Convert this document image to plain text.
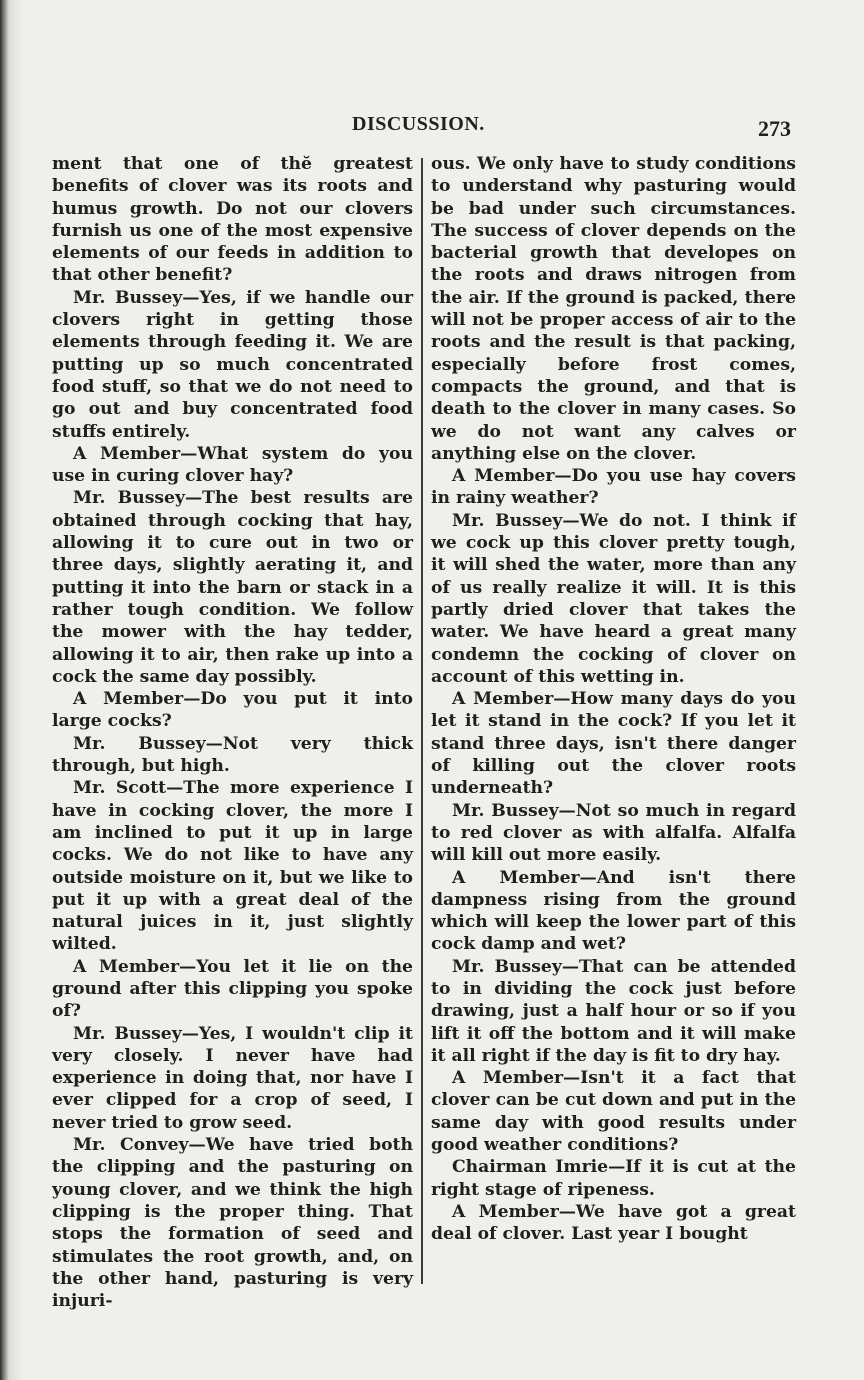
DISCUSSION.	273

ment that one of thĕ greatest benefits of clover was its roots and humus growth. Do not our clovers furnish us one of the most expensive elements of our feeds in addition to that other benefit?

Mr. Bussey—Yes, if we handle our clovers right in getting those elements through feeding it. We are putting up so much concentrated food stuff, so that we do not need to go out and buy concentrated food stuffs entirely.

A Member—What system do you use in curing clover hay?

Mr. Bussey—The best results are obtained through cocking that hay, allowing it to cure out in two or three days, slightly aerating it, and putting it into the barn or stack in a rather tough condition. We follow the mower with the hay tedder, allowing it to air, then rake up into a cock the same day possibly.

A Member—Do you put it into large cocks?

Mr. Bussey—Not very thick through, but high.

Mr. Scott—The more experience I have in cocking clover, the more I am inclined to put it up in large cocks. We do not like to have any outside moisture on it, but we like to put it up with a great deal of the natural juices in it, just slightly wilted.

A Member—You let it lie on the ground after this clipping you spoke of?

Mr. Bussey—Yes, I wouldn't clip it very closely. I never have had experience in doing that, nor have I ever clipped for a crop of seed, I never tried to grow seed.

Mr. Convey—We have tried both the clipping and the pasturing on young clover, and we think the high clipping is the proper thing. That stops the formation of seed and stimulates the root growth, and, on the other hand, pasturing is very injuri-

ous. We only have to study conditions to understand why pasturing would be bad under such circumstances. The success of clover depends on the bacterial growth that developes on the roots and draws nitrogen from the air. If the ground is packed, there will not be proper access of air to the roots and the result is that packing, especially before frost comes, compacts the ground, and that is death to the clover in many cases. So we do not want any calves or anything else on the clover.

A Member—Do you use hay covers in rainy weather?

Mr. Bussey—We do not. I think if we cock up this clover pretty tough, it will shed the water, more than any of us really realize it will. It is this partly dried clover that takes the water. We have heard a great many condemn the cocking of clover on account of this wetting in.

A Member—How many days do you let it stand in the cock? If you let it stand three days, isn't there danger of killing out the clover roots underneath?

Mr. Bussey—Not so much in regard to red clover as with alfalfa. Alfalfa will kill out more easily.

A Member—And isn't there dampness rising from the ground which will keep the lower part of this cock damp and wet?

Mr. Bussey—That can be attended to in dividing the cock just before drawing, just a half hour or so if you lift it off the bottom and it will make it all right if the day is fit to dry hay.

A Member—Isn't it a fact that clover can be cut down and put in the same day with good results under good weather conditions?

Chairman Imrie—If it is cut at the right stage of ripeness.

A Member—We have got a great deal of clover. Last year I bought
